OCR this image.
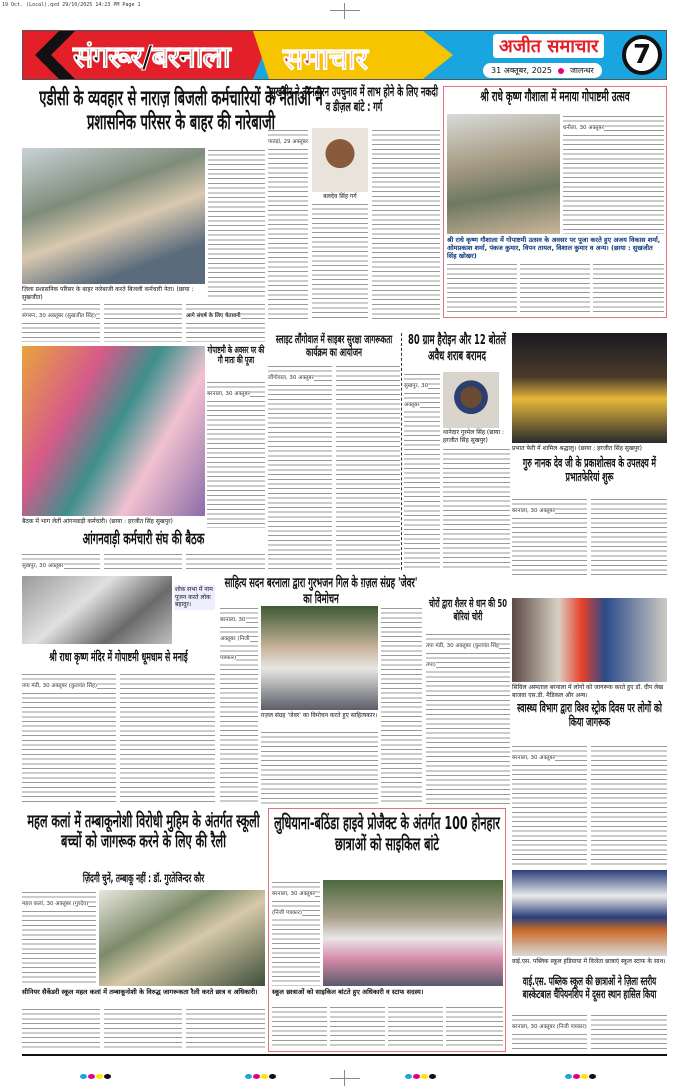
19 Oct. (Local).qxd 29/10/2025 14:23 PM Page 1
संगरूर/बरनाला समाचार	अजीत समाचार
31 अक्तूबर, 2025 जालन्धर
7
ज़िला प्रशासनिक परिसर के बाहर नारेबाजी करते बिजली कर्मचारी नेता। (छाया : सुखजीत)
संगरूर, 30 अक्तूबर (सुखजीत सिंह)	आगे संघर्ष के लिए चेतावनी
एडीसी के व्यवहार से नाराज़ बिजली कर्मचारियों के नेताओं ने प्रशासनिक परिसर के बाहर की नारेबाजी
पातड़ां, 29 अक्तूबर
बलदेव सिंह गर्ग
सुखबीर ने तरनतारन उपचुनाव में लाभ होने के लिए नकदी व डीज़ल बांटे : गर्ग
धनौला, 30 अक्तूबर
श्री राधे कृष्ण गौशाला में गोपाष्टमी उत्सव के अवसर पर पूजा करते हुए अजय विकास शर्मा, ओमप्रकाश शर्मा, पंकज कुमार, विपन तायल, विशाल कुमार व अन्य। (छाया : सुखजीत सिंह खोखर)
श्री राधे कृष्ण गौशाला में मनाया गोपाष्टमी उत्सव
बैठक में भाग लेतीं आंगनवाड़ी कर्मचारी। (छाया : हरजीत सिंह सुखपुर)
बरनाला, 30 अक्तूबर
गोपाष्टमी के अवसर पर की गौ माता की पूजा
सुखपुर, 30 अक्तूबर
आंगनवाड़ी कर्मचारी संघ की बैठक
लौंगोवाल, 30 अक्तूबर
स्लाइट लौंगोवाल में साइबर सुरक्षा जागरूकता कार्यक्रम का आयोजन
सुखपुर, 30 अक्तूबर
थानेदार गुरमेल सिंह (छाया : हरजीत सिंह सुखपुर)
80 ग्राम हैरोइन और 12 बोतलें अवैध शराब बरामद
प्रभात फेरी में शामिल श्रद्धालु। (छाया : हरजीत सिंह सुखपुर)
बरनाला, 30 अक्तूबर
गुरु नानक देव जी के प्रकाशोत्सव के उपलक्ष्य में प्रभातफेरियां शुरू
शोक सभा में नाम पूजन करते लोक बहादुर।
तपा मंडी, 30 अक्तूबर (कुलवंत सिंह)
श्री राधा कृष्ण मंदिर में गोपाष्टमी धूमधाम से मनाई
बरनाला, 30 अक्तूबर (निजी पत्रकार)
ग़ज़ल संग्रह 'जेवर' का विमोचन करते हुए साहित्यकार।
साहित्य सदन बरनाला द्वारा गुरभजन गिल के ग़ज़ल संग्रह 'जेवर' का विमोचन
तपा मंडी, 30 अक्तूबर (कुलवंत सिंह तपा)
चोरों द्वारा शैलर से धान की 50 बोरियां चोरी
सिविल अस्पताल बरनाला में लोगों को जागरूक करते हुए डॉ. दीप लेख बाजवा एस.डी. मैडिकल और अन्य।
बरनाला, 30 अक्तूबर
स्वास्थ्य विभाग द्वारा विश्व स्ट्रोक दिवस पर लोगों को किया जागरूक
महल कलां, 30 अक्तूबर (गुरदेव)
सीनियर सैकेंडरी स्कूल महल कलां में तम्बाकूनोशी के विरुद्ध जागरूकता रैली करते छात्र व अधिकारी।
महल कलां में तम्बाकूनोशी विरोधी मुहिम के अंतर्गत स्कूली बच्चों को जागरूक करने के लिए की रैली
ज़िंदगी चुनें, तम्बाकू नहीं : डॉ. गुरतेजिन्दर कौर
बरनाला, 30 अक्तूबर (निजी पत्रकार)
स्कूल छात्राओं को साइकिल बांटते हुए अधिकारी व स्टाफ सदस्य।
लुधियाना-बठिंडा हाइवे प्रोजैक्ट के अंतर्गत 100 होनहार छात्राओं को साइकिल बांटे
वाई.एस. पब्लिक स्कूल हंडियाया में विजेता छात्राएं स्कूल स्टाफ के साथ।
बरनाला, 30 अक्तूबर (निजी पत्रकार)
वाई.एस. पब्लिक स्कूल की छात्राओं ने ज़िला स्तरीय बास्केटबाल चैंपियनशिप में दूसरा स्थान हासिल किया
